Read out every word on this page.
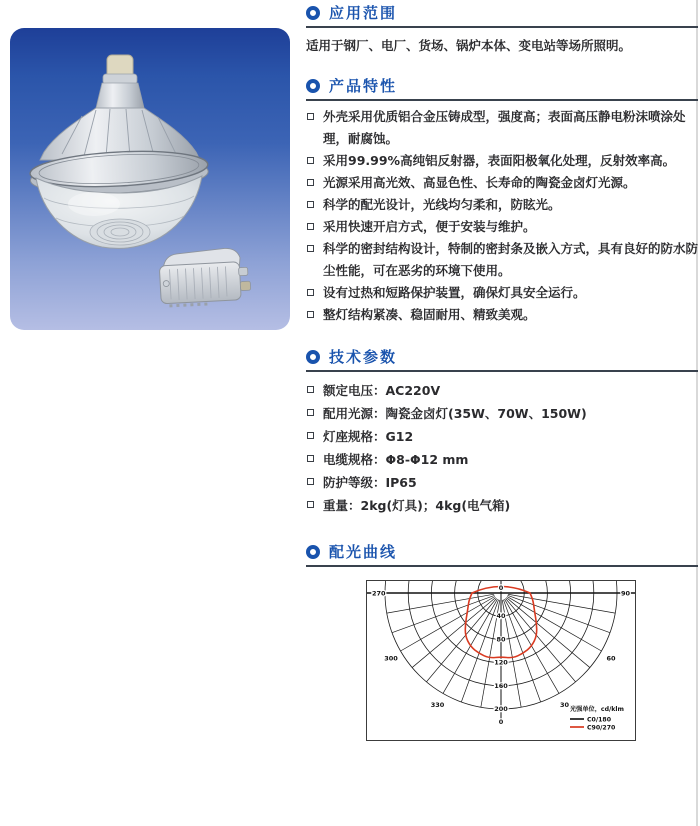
应用范围
适用于钢厂、电厂、货场、锅炉本体、变电站等场所照明。
产品特性
外壳采用优质铝合金压铸成型，强度高；表面高压静电粉沫喷涂处理，耐腐蚀。
采用99.99%高纯铝反射器，表面阳极氧化处理，反射效率高。
光源采用高光效、高显色性、长寿命的陶瓷金卤灯光源。
科学的配光设计，光线均匀柔和，防眩光。
采用快速开启方式，便于安装与维护。
科学的密封结构设计，特制的密封条及嵌入方式，具有良好的防水防尘性能，可在恶劣的环境下使用。
设有过热和短路保护装置，确保灯具安全运行。
整灯结构紧凑、稳固耐用、精致美观。
技术参数
额定电压：AC220V
配用光源：陶瓷金卤灯(35W、70W、150W)
灯座规格：G12
电缆规格：Φ8-Φ12 mm
防护等级：IP65
重量：2kg(灯具)；4kg(电气箱)
配光曲线
0
40
80
120
160
200
270
300
330
0
30
60
90
光强单位，cd/klm
C0/180
C90/270
